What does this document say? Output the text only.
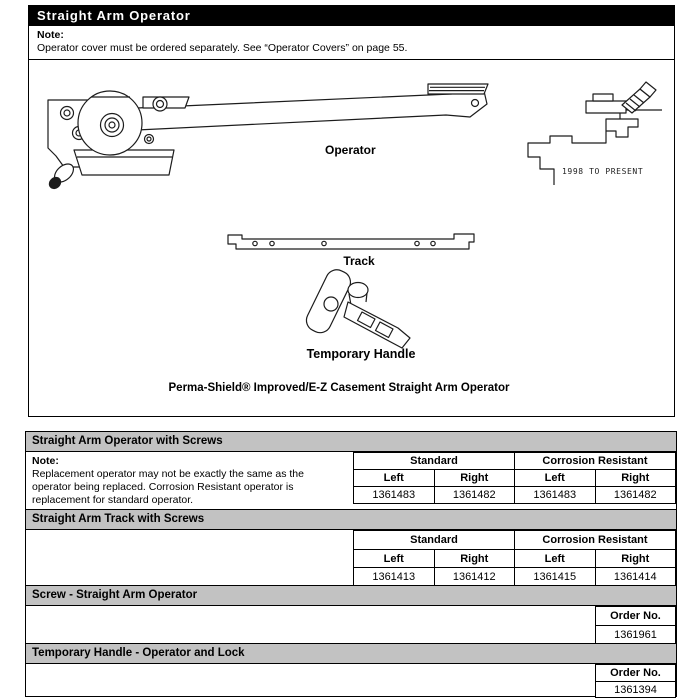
Straight Arm Operator
Note:
Operator cover must be ordered separately. See “Operator Covers” on page 55.
Operator
1998 TO PRESENT
Track
Temporary Handle
Perma-Shield® Improved/E-Z Casement Straight Arm Operator
Straight Arm Operator with Screws
Note:
Replacement operator may not be exactly the same as the operator being replaced. Corrosion Resistant operator is replacement for standard operator.
Standard		Corrosion Resistant	
Left	Right	Left	Right
1361483	1361482	1361483	1361482
Straight Arm Track with Screws
Standard		Corrosion Resistant	
Left	Right	Left	Right
1361413	1361412	1361415	1361414
Screw - Straight Arm Operator
Order No.
1361961
Temporary Handle - Operator and Lock
Order No.
1361394
